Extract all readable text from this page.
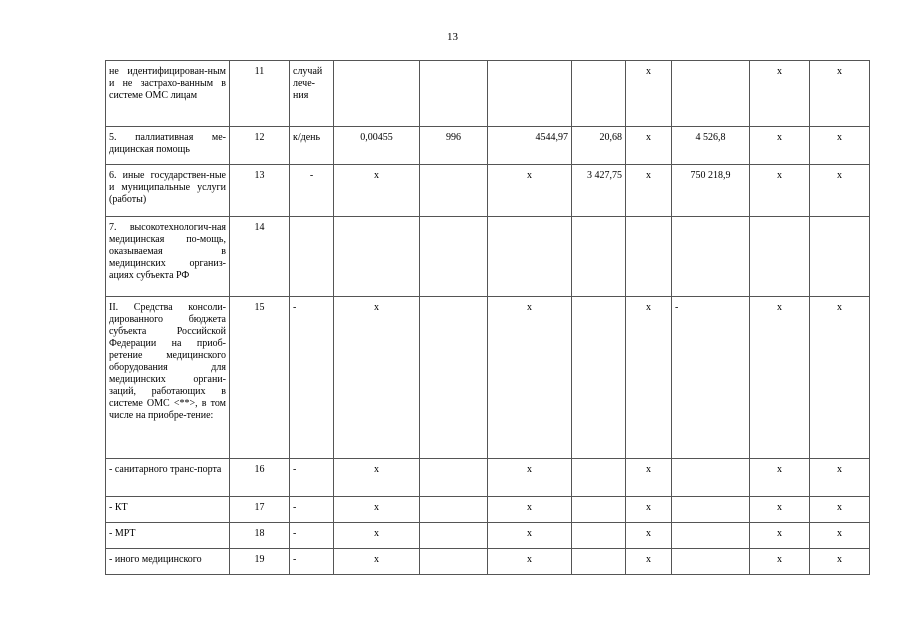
13
не идентифицирован-ным и не застрахо-ванным в системе ОМС лицам	11	случай лече-ния					х		х	х
5. паллиативная ме-дицинская помощь	12	к/день	0,00455	996	4544,97	20,68	х	4 526,8	х	х
6. иные государствен-ные и муниципальные услуги (работы)	13	-	х		х	3 427,75	х	750 218,9	х	х
7. высокотехнологич-ная медицинская по-мощь, оказываемая в медицинских организ-ациях субъекта РФ	14									
II. Средства консоли-дированного бюджета субъекта Российской Федерации на приоб-ретение медицинского оборудования для медицинских органи-заций, работающих в системе ОМС <**>, в том числе на приобре-тение:	15	-	х		х		х	-	х	х
- санитарного транс-порта	16	-	х		х		х		х	х
- КТ	17	-	х		х		х		х	х
- МРТ	18	-	х		х		х		х	х
- иного медицинского	19	-	х		х		х		х	х
